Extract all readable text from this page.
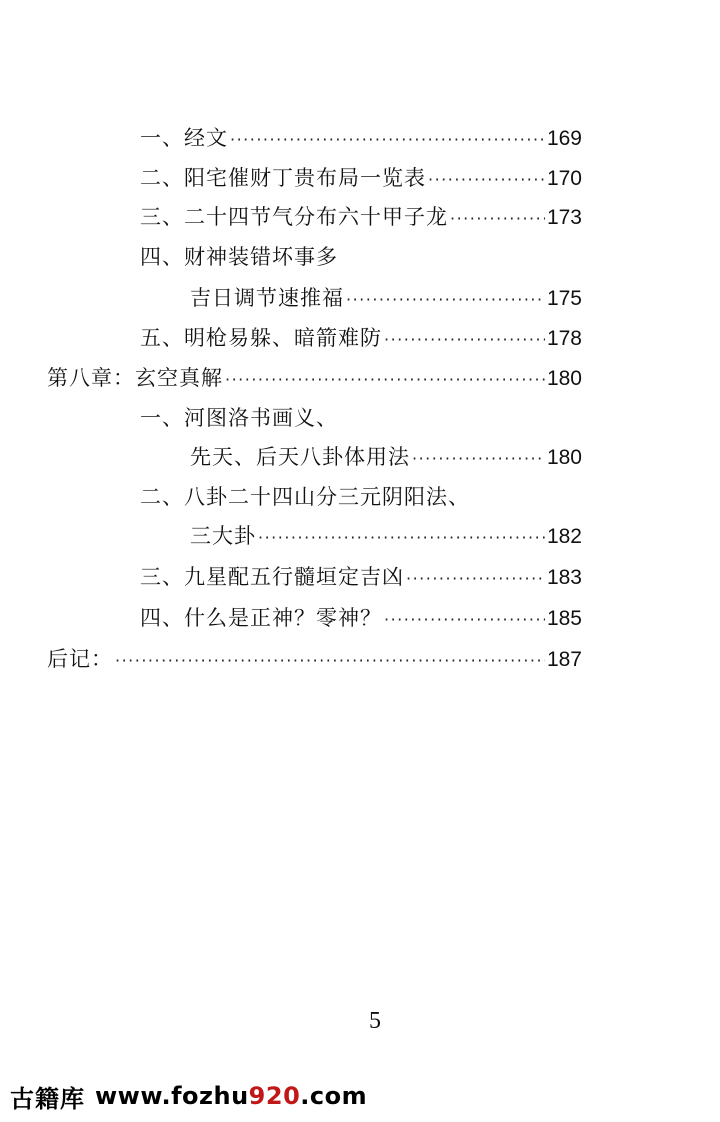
一、经文 ·····	169
二、阳宅催财丁贵布局一览表 ·····	170
三、二十四节气分布六十甲子龙 ·····	173
四、财神装错坏事多
吉日调节速推福 ·····	175
五、明枪易躲、暗箭难防 ·····	178
第八章：玄空真解 ·····	180
一、河图洛书画义、
先天、后天八卦体用法 ·····	180
二、八卦二十四山分三元阴阳法、
三大卦 ·····	182
三、九星配五行髓垣定吉凶 ·····	183
四、什么是正神？零神？ ·····	185
后记： ·····	187
5
古籍库 www.fozhu920.com
